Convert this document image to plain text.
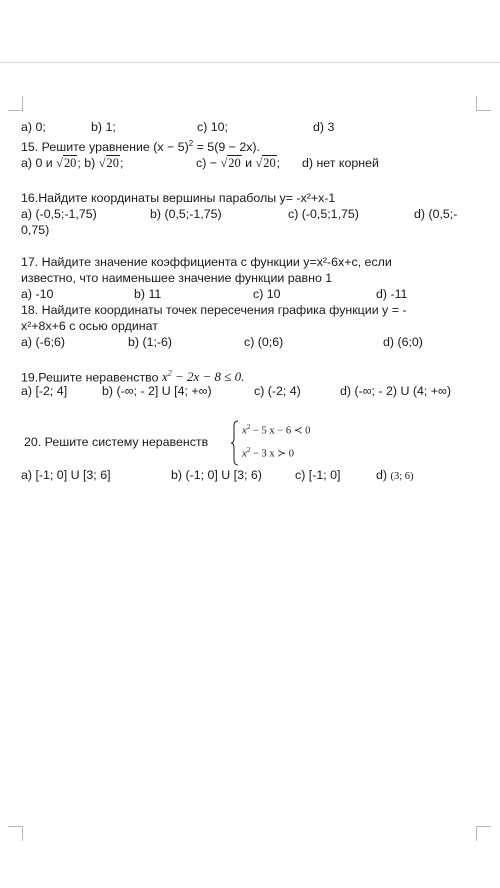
a) 0;	b) 1;	c) 10;	d) 3
15. Решите уравнение $(х - 5)^2 = 5(9 - 2х)$.
а) 0 и √20; b) √20;	с) − √20 и √20; d) нет корней
16.Найдите координаты вершины параболы y= -x²+x-1
а) (-0,5;-1,75)	b) (0,5;-1,75)	с) (-0,5;1,75)	d) (0,5;-
0,75)
17. Найдите значение коэффициента с функции у=х²-6х+с, если
известно, что наименьшее значение функции равно 1
а) -10	b) 11	с) 10	d) -11
18. Найдите координаты точек пересечения графика функции у = -
х²+8х+6 с осью ординат
а) (-6;6)	b) (1;-6)	с) (0;6)	d) (6;0)
19.Решите неравенство $x^2 - 2x - 8 \le 0$.
а) [-2; 4]	b) (-∞; - 2] U [4; +∞)	с) (-2; 4)	d) (-∞; - 2) U (4; +∞)
20. Решите систему неравенств
$x^2 - 5$ x − 6 ≺ 0
$x^2 - 3$ x ≻ 0
а) [-1; 0] U [3; 6]	b) (-1; 0] U [3; 6)	с) [-1; 0]	d) (3; 6)
